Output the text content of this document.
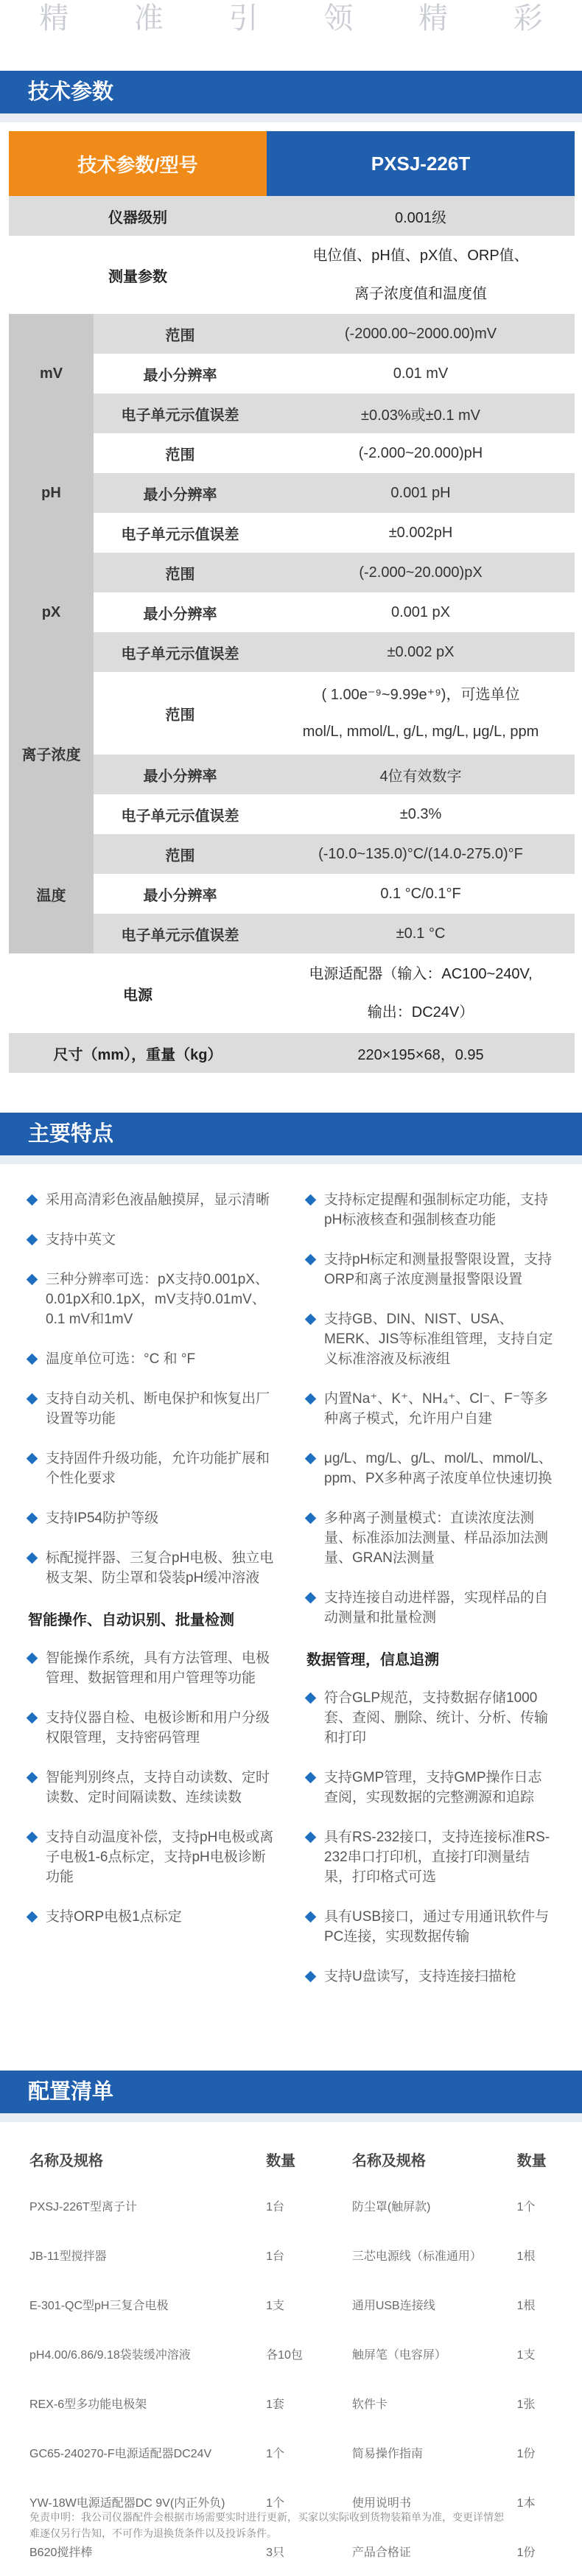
精 准 引 领 精 彩
技术参数
技术参数/型号	PXSJ-226T
仪器级别	0.001级
测量参数
电位值、pH值、pX值、ORP值、
离子浓度值和温度值
mV
范围	(-2000.00~2000.00)mV
最小分辨率	0.01 mV
电子单元示值误差	±0.03%或±0.1 mV
pH
范围	(-2.000~20.000)pH
最小分辨率	0.001 pH
电子单元示值误差	±0.002pH
pX
范围	(-2.000~20.000)pX
最小分辨率	0.001 pX
电子单元示值误差	±0.002 pX
离子浓度
范围
( 1.00e⁻⁹~9.99e⁺⁹)，可选单位
mol/L, mmol/L, g/L, mg/L, μg/L, ppm
最小分辨率	4位有效数字
电子单元示值误差	±0.3%
温度
范围	(-10.0~135.0)°C/(14.0-275.0)°F
最小分辨率	0.1 °C/0.1°F
电子单元示值误差	±0.1 °C
电源
电源适配器（输入：AC100~240V,
输出：DC24V）
尺寸（mm），重量（kg）	220×195×68，0.95
主要特点
采用高清彩色液晶触摸屏，显示清晰
支持中英文
三种分辨率可选：pX支持0.001pX、0.01pX和0.1pX，mV支持0.01mV、0.1 mV和1mV
温度单位可选：°C 和 °F
支持自动关机、断电保护和恢复出厂设置等功能
支持固件升级功能，允许功能扩展和个性化要求
支持IP54防护等级
标配搅拌器、三复合pH电极、独立电极支架、防尘罩和袋装pH缓冲溶液
智能操作、自动识别、批量检测
智能操作系统，具有方法管理、电极管理、数据管理和用户管理等功能
支持仪器自检、电极诊断和用户分级权限管理，支持密码管理
智能判别终点，支持自动读数、定时读数、定时间隔读数、连续读数
支持自动温度补偿，支持pH电极或离子电极1-6点标定，支持pH电极诊断功能
支持ORP电极1点标定
支持标定提醒和强制标定功能，支持pH标液核查和强制核查功能
支持pH标定和测量报警限设置，支持ORP和离子浓度测量报警限设置
支持GB、DIN、NIST、USA、MERK、JIS等标准组管理，支持自定义标准溶液及标液组
内置Na⁺、K⁺、NH₄⁺、Cl⁻、F⁻等多种离子模式，允许用户自建
μg/L、mg/L、g/L、mol/L、mmol/L、ppm、PX多种离子浓度单位快速切换
多种离子测量模式：直读浓度法测量、标准添加法测量、样品添加法测量、GRAN法测量
支持连接自动进样器，实现样品的自动测量和批量检测
数据管理，信息追溯
符合GLP规范，支持数据存储1000套、查阅、删除、统计、分析、传输和打印
支持GMP管理，支持GMP操作日志查阅，实现数据的完整溯源和追踪
具有RS-232接口，支持连接标准RS-232串口打印机，直接打印测量结果，打印格式可选
具有USB接口，通过专用通讯软件与PC连接，实现数据传输
支持U盘读写，支持连接扫描枪
配置清单
名称及规格	数量	名称及规格	数量
PXSJ-226T型离子计	1台	防尘罩(触屏款)	1个
JB-11型搅拌器	1台	三芯电源线（标准通用）	1根
E-301-QC型pH三复合电极	1支	通用USB连接线	1根
pH4.00/6.86/9.18袋装缓冲溶液	各10包	触屏笔（电容屏）	1支
REX-6型多功能电极架	1套	软件卡	1张
GC65-240270-F电源适配器DC24V	1个	简易操作指南	1份
YW-18W电源适配器DC 9V(内正外负)	1个	使用说明书	1本
B620搅拌棒	3只	产品合格证	1份
免责申明：我公司仪器配件会根据市场需要实时进行更新，买家以实际收到货物装箱单为准，变更详情恕
难逐仅另行告知，不可作为退换货条件以及投诉条件。
